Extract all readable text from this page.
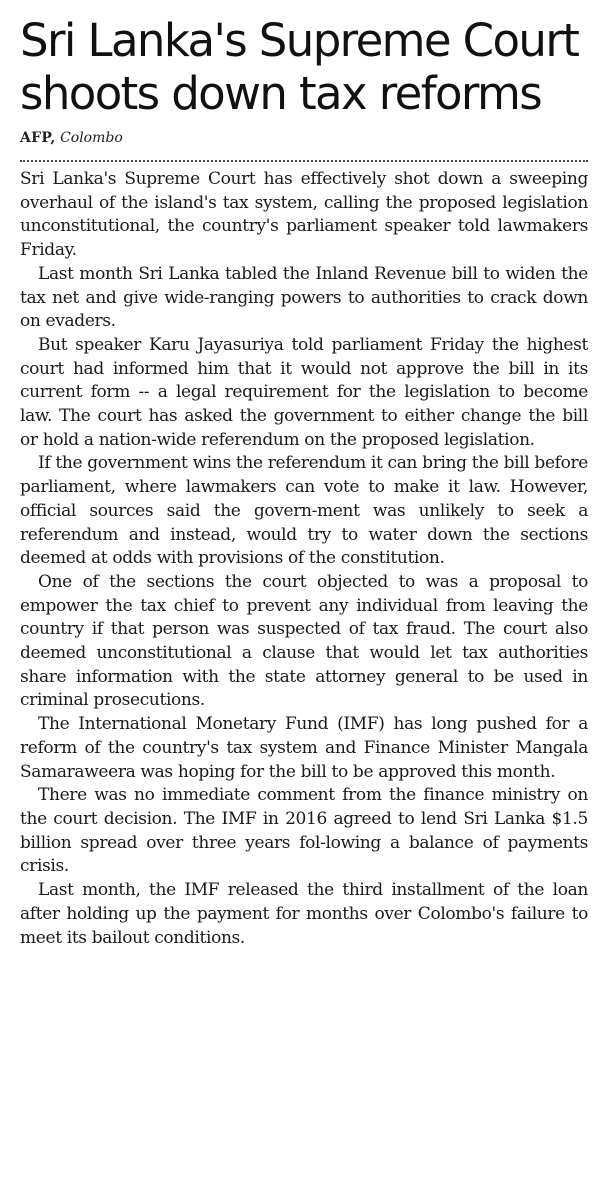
Sri Lanka's Supreme Court
shoots down tax reforms
AFP, Colombo

Sri Lanka's Supreme Court has effectively shot down a sweeping overhaul of the island's tax system, calling the proposed legislation unconstitutional, the country's parliament speaker told lawmakers Friday.

Last month Sri Lanka tabled the Inland Revenue bill to widen the tax net and give wide-ranging powers to authorities to crack down on evaders.

But speaker Karu Jayasuriya told parliament Friday the highest court had informed him that it would not approve the bill in its current form -- a legal requirement for the legislation to become law. The court has asked the government to either change the bill or hold a nation-wide referendum on the proposed legislation.

If the government wins the referendum it can bring the bill before parliament, where lawmakers can vote to make it law. However, official sources said the govern-ment was unlikely to seek a referendum and instead, would try to water down the sections deemed at odds with provisions of the constitution.

One of the sections the court objected to was a proposal to empower the tax chief to prevent any individual from leaving the country if that person was suspected of tax fraud. The court also deemed unconstitutional a clause that would let tax authorities share information with the state attorney general to be used in criminal prosecutions.

The International Monetary Fund (IMF) has long pushed for a reform of the country's tax system and Finance Minister Mangala Samaraweera was hoping for the bill to be approved this month.

There was no immediate comment from the finance ministry on the court decision. The IMF in 2016 agreed to lend Sri Lanka $1.5 billion spread over three years fol-lowing a balance of payments crisis.

Last month, the IMF released the third installment of the loan after holding up the payment for months over Colombo's failure to meet its bailout conditions.
